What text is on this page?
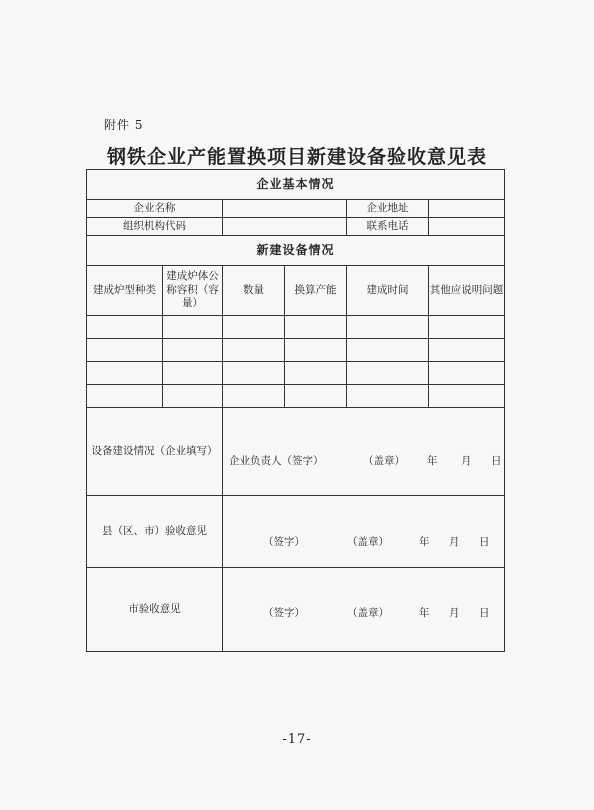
附件 5
钢铁企业产能置换项目新建设备验收意见表
企业基本情况					
企业名称				企业地址	
组织机构代码				联系电话	
新建设备情况					
建成炉型种类	建成炉体公称容积（容量）	数量	换算产能	建成时间	其他应说明问题

设备建设情况（企业填写）		企业负责人（签字） （盖章） 年 月 日			

县（区、市）验收意见		（签字） （盖章） 年 月 日			

市验收意见		（签字） （盖章） 年 月 日			
-17-
